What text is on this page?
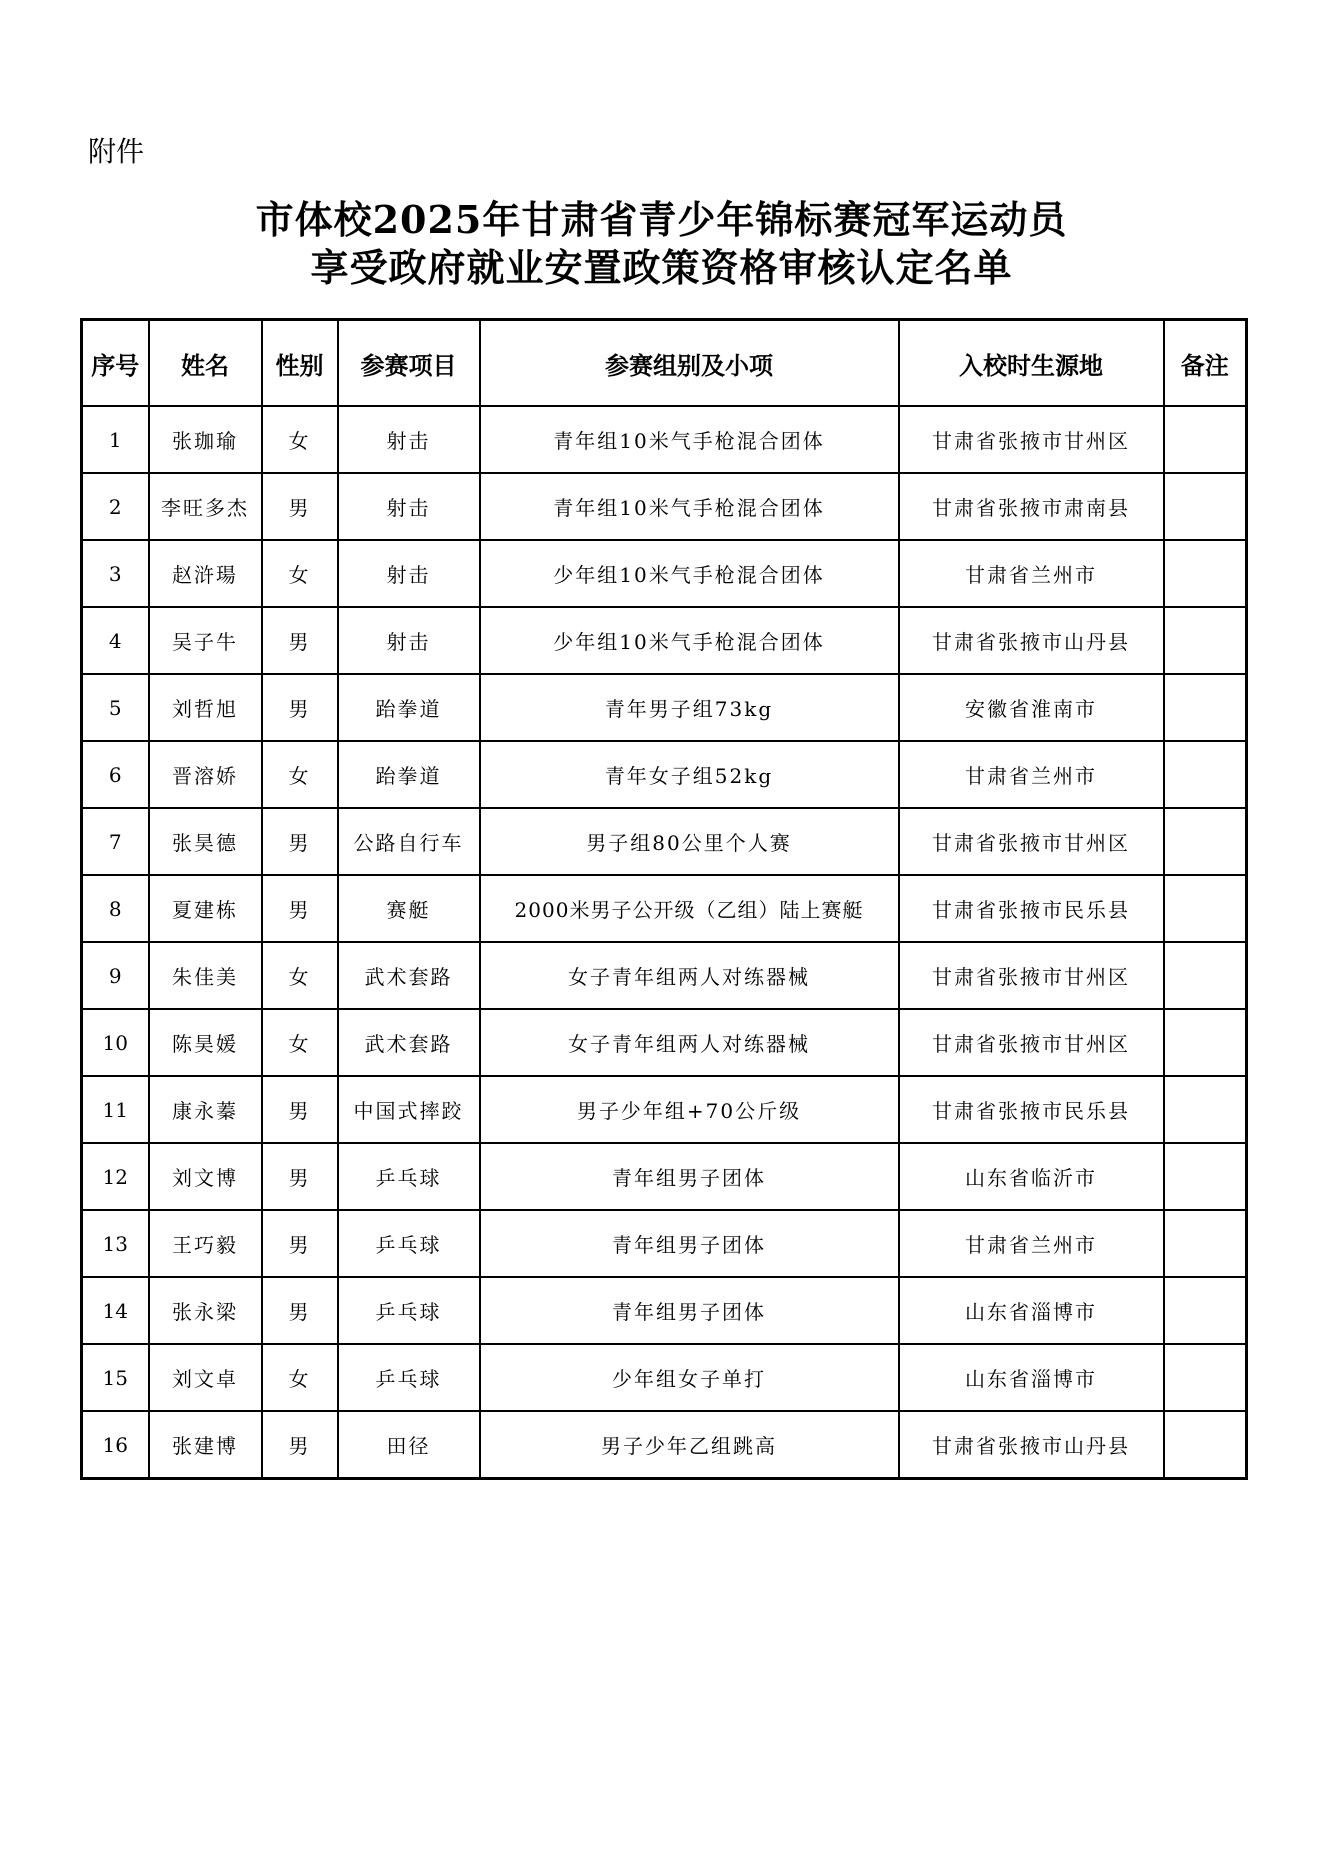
附件
市体校2025年甘肃省青少年锦标赛冠军运动员
享受政府就业安置政策资格审核认定名单
序号	姓名	性别	参赛项目	参赛组别及小项	入校时生源地	备注
1	张珈瑜	女	射击	青年组10米气手枪混合团体	甘肃省张掖市甘州区	
2	李旺多杰	男	射击	青年组10米气手枪混合团体	甘肃省张掖市肃南县	
3	赵浒瑒	女	射击	少年组10米气手枪混合团体	甘肃省兰州市	
4	吴子牛	男	射击	少年组10米气手枪混合团体	甘肃省张掖市山丹县	
5	刘哲旭	男	跆拳道	青年男子组73kg	安徽省淮南市	
6	晋溶娇	女	跆拳道	青年女子组52kg	甘肃省兰州市	
7	张昊德	男	公路自行车	男子组80公里个人赛	甘肃省张掖市甘州区	
8	夏建栋	男	赛艇	2000米男子公开级（乙组）陆上赛艇	甘肃省张掖市民乐县	
9	朱佳美	女	武术套路	女子青年组两人对练器械	甘肃省张掖市甘州区	
10	陈昊媛	女	武术套路	女子青年组两人对练器械	甘肃省张掖市甘州区	
11	康永蓁	男	中国式摔跤	男子少年组+70公斤级	甘肃省张掖市民乐县	
12	刘文博	男	乒乓球	青年组男子团体	山东省临沂市	
13	王巧毅	男	乒乓球	青年组男子团体	甘肃省兰州市	
14	张永梁	男	乒乓球	青年组男子团体	山东省淄博市	
15	刘文卓	女	乒乓球	少年组女子单打	山东省淄博市	
16	张建博	男	田径	男子少年乙组跳高	甘肃省张掖市山丹县	
